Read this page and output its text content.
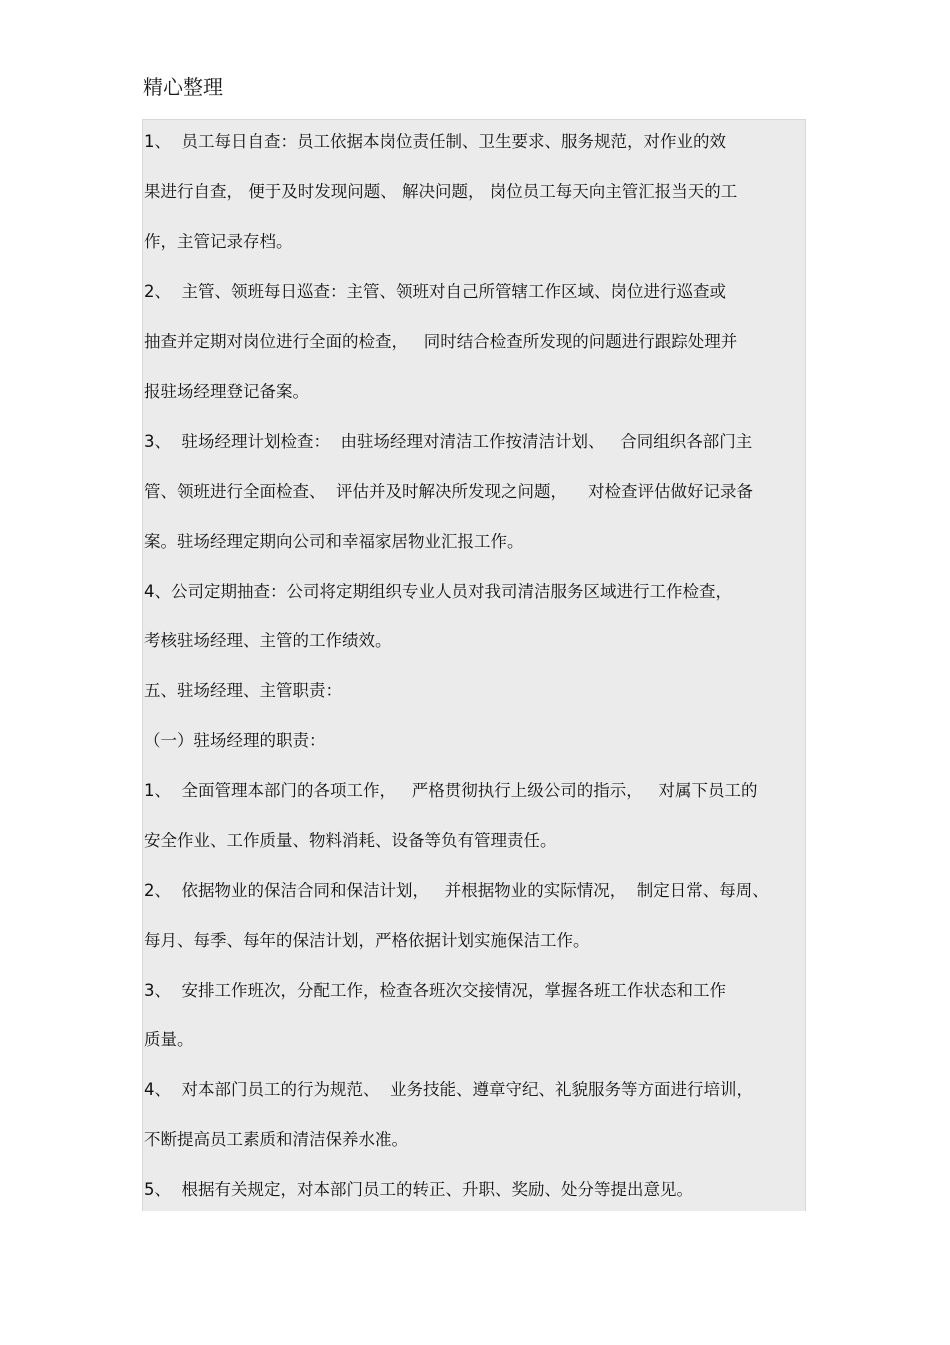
精心整理
1、  员工每日自查：员工依据本岗位责任制、卫生要求、服务规范，对作业的效
果进行自查， 便于及时发现问题、 解决问题， 岗位员工每天向主管汇报当天的工
作，主管记录存档。
2、  主管、领班每日巡查：主管、领班对自己所管辖工作区域、岗位进行巡查或
抽查并定期对岗位进行全面的检查，   同时结合检查所发现的问题进行跟踪处理并
报驻场经理登记备案。
3、  驻场经理计划检查：  由驻场经理对清洁工作按清洁计划、   合同组织各部门主
管、领班进行全面检查、  评估并及时解决所发现之问题，    对检查评估做好记录备
案。驻场经理定期向公司和幸福家居物业汇报工作。
4、公司定期抽查：公司将定期组织专业人员对我司清洁服务区域进行工作检查，
考核驻场经理、主管的工作绩效。
五、驻场经理、主管职责：
（一）驻场经理的职责：
1、  全面管理本部门的各项工作，   严格贯彻执行上级公司的指示，   对属下员工的
安全作业、工作质量、物料消耗、设备等负有管理责任。
2、  依据物业的保洁合同和保洁计划，   并根据物业的实际情况，  制定日常、每周、
每月、每季、每年的保洁计划，严格依据计划实施保洁工作。
3、  安排工作班次，分配工作，检查各班次交接情况，掌握各班工作状态和工作
质量。
4、  对本部门员工的行为规范、  业务技能、遵章守纪、礼貌服务等方面进行培训，
不断提高员工素质和清洁保养水准。
5、  根据有关规定，对本部门员工的转正、升职、奖励、处分等提出意见。
